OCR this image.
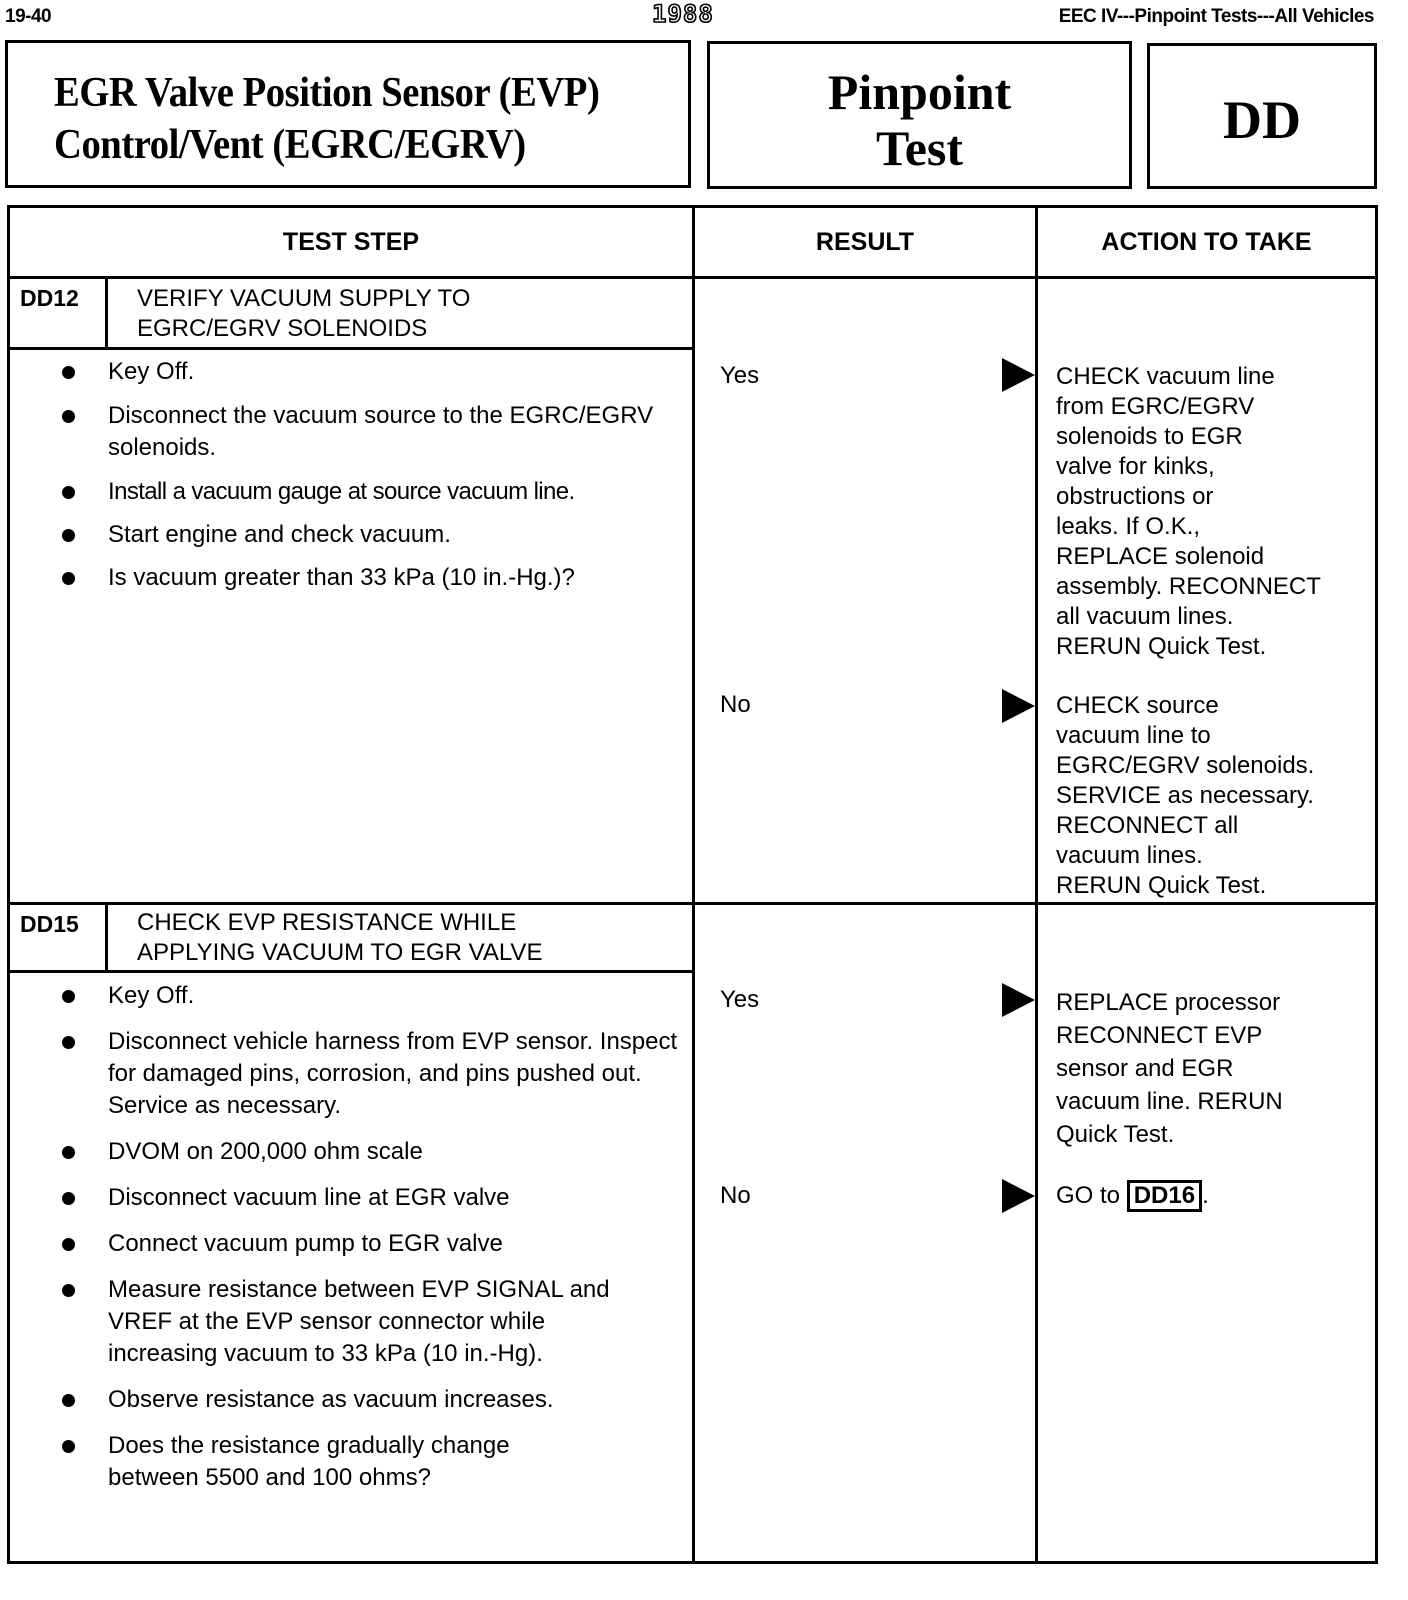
19-40	1988	EEC IV---Pinpoint Tests---All Vehicles
EGR Valve Position Sensor (EVP)
Control/Vent (EGRC/EGRV)
Pinpoint
Test	DD
TEST STEP	RESULT	ACTION TO TAKE
DD12 VERIFY VACUUM SUPPLY TO
EGRC/EGRV SOLENOIDS
Key Off.
Disconnect the vacuum source to the EGRC/EGRV solenoids.
Install a vacuum gauge at source vacuum line.
Start engine and check vacuum.
Is vacuum greater than 33 kPa (10 in.-Hg.)?
Yes	CHECK vacuum line
from EGRC/EGRV
solenoids to EGR
valve for kinks,
obstructions or
leaks. If O.K.,
REPLACE solenoid
assembly. RECONNECT
all vacuum lines.
RERUN Quick Test.
No	CHECK source
vacuum line to
EGRC/EGRV solenoids.
SERVICE as necessary.
RECONNECT all
vacuum lines.
RERUN Quick Test.
DD15 CHECK EVP RESISTANCE WHILE
APPLYING VACUUM TO EGR VALVE
Key Off.
Disconnect vehicle harness from EVP sensor. Inspect for damaged pins, corrosion, and pins pushed out. Service as necessary.
DVOM on 200,000 ohm scale
Disconnect vacuum line at EGR valve
Connect vacuum pump to EGR valve
Measure resistance between EVP SIGNAL and VREF at the EVP sensor connector while increasing vacuum to 33 kPa (10 in.-Hg).
Observe resistance as vacuum increases.
Does the resistance gradually change between 5500 and 100 ohms?
Yes	REPLACE processor
RECONNECT EVP
sensor and EGR
vacuum line. RERUN
Quick Test.
No	GO to DD16 .
